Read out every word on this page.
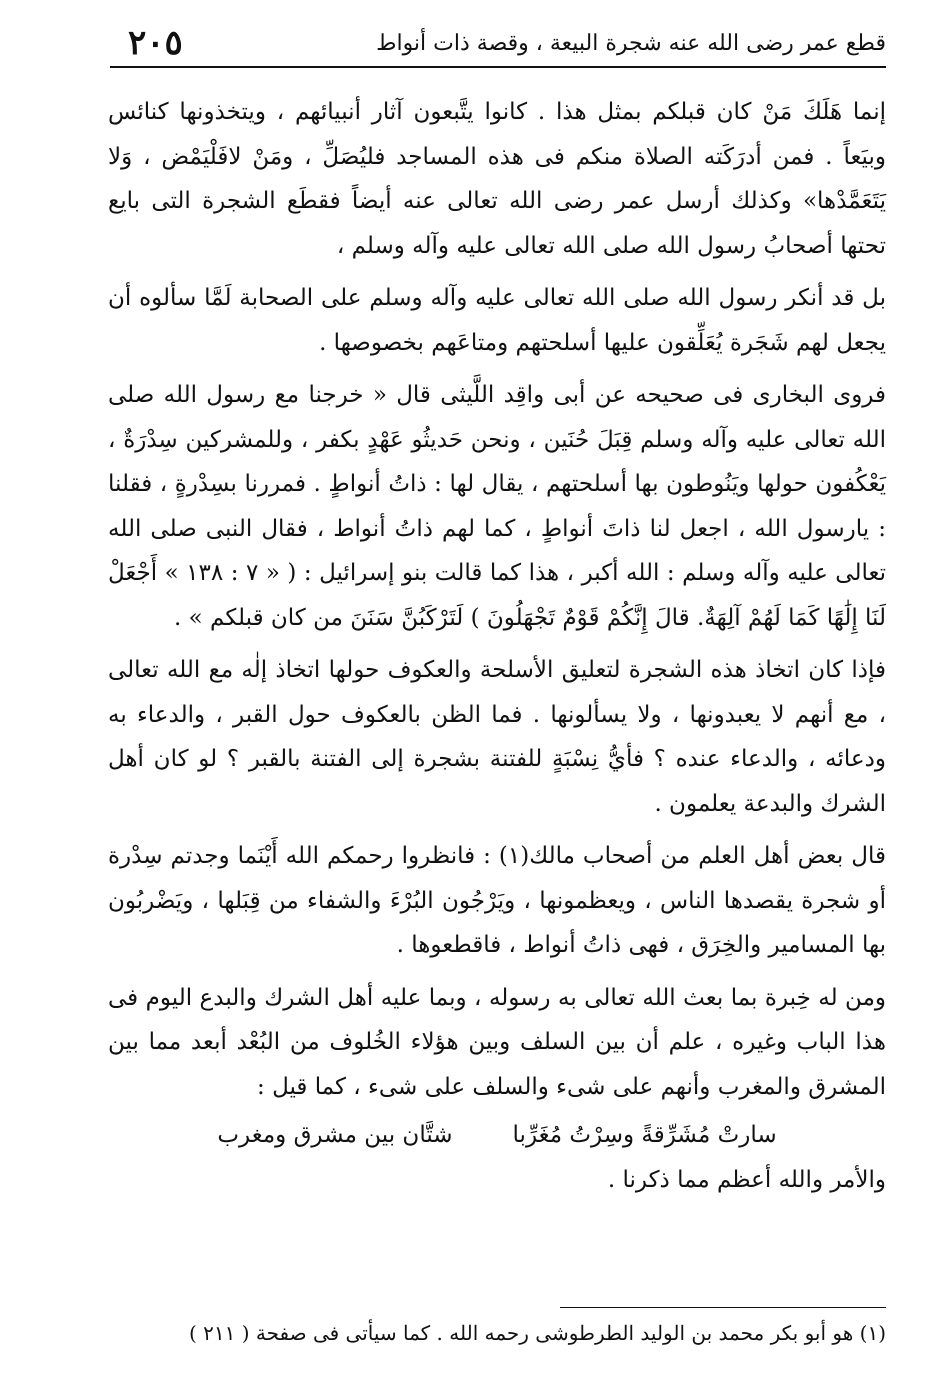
قطع عمر رضى الله عنه شجرة البيعة ، وقصة ذات أنواط
٢٠٥

إنما هَلَكَ مَنْ كان قبلكم بمثل هذا . كانوا يتَّبعون آثار أنبيائهم ، ويتخذونها كنائس وبيَعاً . فمن أدرَكَته الصلاة منكم فى هذه المساجد فليُصَلِّ ، ومَنْ لافَلْيَمْض ، وَلا يَتَعَمَّدْها» وكذلك أرسل عمر رضى الله تعالى عنه أيضاً فقطَع الشجرة التى بايع تحتها أصحابُ رسول الله صلى الله تعالى عليه وآله وسلم ،

بل قد أنكر رسول الله صلى الله تعالى عليه وآله وسلم على الصحابة لَمَّا سألوه أن يجعل لهم شَجَرة يُعَلِّقون عليها أسلحتهم ومتاعَهم بخصوصها .

فروى البخارى فى صحيحه عن أبى واقِد اللَّيثى قال « خرجنا مع رسول الله صلى الله تعالى عليه وآله وسلم قِبَلَ حُنَين ، ونحن حَديثُو عَهْدٍ بكفر ، وللمشركين سِدْرَةٌ ، يَعْكُفون حولها ويَنُوطون بها أسلحتهم ، يقال لها : ذاتُ أنواطٍ . فمررنا بسِدْرةٍ ، فقلنا : يارسول الله ، اجعل لنا ذاتَ أنواطٍ ، كما لهم ذاتُ أنواط ، فقال النبى صلى الله تعالى عليه وآله وسلم : الله أكبر ، هذا كما قالت بنو إسرائيل : ( « ٧ : ١٣٨ » أَجْعَلْ لَنَا إِلَٰهًا كَمَا لَهُمْ آلِهَةٌ. قالَ إِنَّكُمْ قَوْمٌ تَجْهَلُونَ ) لَتَرْكَبُنَّ سَنَنَ من كان قبلكم » .

فإذا كان اتخاذ هذه الشجرة لتعليق الأسلحة والعكوف حولها اتخاذ إلٰه مع الله تعالى ، مع أنهم لا يعبدونها ، ولا يسألونها . فما الظن بالعكوف حول القبر ، والدعاء به ودعائه ، والدعاء عنده ؟ فأيُّ نِسْبَةٍ للفتنة بشجرة إلى الفتنة بالقبر ؟ لو كان أهل الشرك والبدعة يعلمون .

قال بعض أهل العلم من أصحاب مالك(١) : فانظروا رحمكم الله أَيْنَما وجدتم سِدْرة أو شجرة يقصدها الناس ، ويعظمونها ، ويَرْجُون البُرْءَ والشفاء من قِبَلها ، ويَضْربُون بها المسامير والخِرَق ، فهى ذاتُ أنواط ، فاقطعوها .

ومن له خِبرة بما بعث الله تعالى به رسوله ، وبما عليه أهل الشرك والبدع اليوم فى هذا الباب وغيره ، علم أن بين السلف وبين هؤلاء الخُلوف من البُعْد أبعد مما بين المشرق والمغرب وأنهم على شىء والسلف على شىء ، كما قيل :

سارتْ مُشَرِّقةً وسِرْتُ مُغَرِّبا
شتَّان بين مشرق ومغرب

والأمر والله أعظم مما ذكرنا .

(١) هو أبو بكر محمد بن الوليد الطرطوشى رحمه الله . كما سيأتى فى صفحة ( ٢١١ )
